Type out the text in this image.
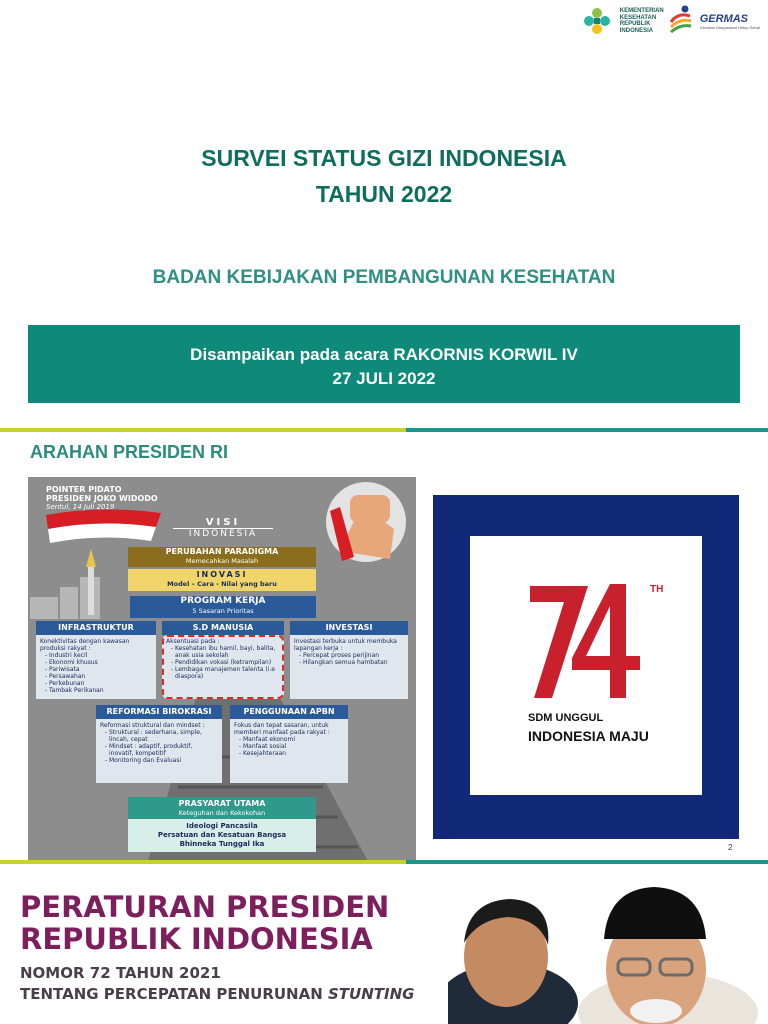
KEMENTERIAN KESEHATAN REPUBLIK INDONESIA
GERMAS
Gerakan Masyarakat Hidup Sehat
SURVEI STATUS GIZI INDONESIA
TAHUN 2022
BADAN KEBIJAKAN PEMBANGUNAN KESEHATAN
Disampaikan pada acara RAKORNIS KORWIL IV
27 JULI 2022
ARAHAN PRESIDEN RI
POINTER PIDATO
PRESIDEN JOKO WIDODO
Sentul, 14 Juli 2019
VISI
INDONESIA
PERUBAHAN PARADIGMA
Memecahkan Masalah
INOVASI
Model – Cara - Nilai yang baru
PROGRAM KERJA
5 Sasaran Prioritas
INFRASTRUKTUR
Konektivitas dengan kawasan produksi rakyat :
- Industri kecil
- Ekonomi khusus
- Pariwisata
- Persawahan
- Perkebunan
- Tambak Perikanan
S.D MANUSIA
Aksentuasi pada :
- Kesehatan ibu hamil, bayi, balita, anak usia sekolah
- Pendidikan vokasi (ketrampilan)
- Lembaga manajemen talenta (i.e diaspora)
INVESTASI
Investasi terbuka untuk membuka lapangan kerja :
- Percepat proses perijinan
- Hilangkan semua hambatan
REFORMASI BIROKRASI
Reformasi struktural dan mindset :
- Struktural : sederhana, simple, lincah, cepat
- Mindset : adaptif, produktif, inovatif, kompetitif
- Monitoring dan Evaluasi
PENGGUNAAN APBN
Fokus dan tepat sasaran, untuk memberi manfaat pada rakyat :
- Manfaat ekonomi
- Manfaat sosial
- Kesejahteraan
PRASYARAT UTAMA
Keteguhan dan Kekokohan
Ideologi Pancasila
Persatuan dan Kesatuan Bangsa
Bhinneka Tunggal Ika
TH
SDM UNGGUL
INDONESIA MAJU
2
PERATURAN PRESIDEN
REPUBLIK INDONESIA
NOMOR 72 TAHUN 2021
TENTANG PERCEPATAN PENURUNAN STUNTING
